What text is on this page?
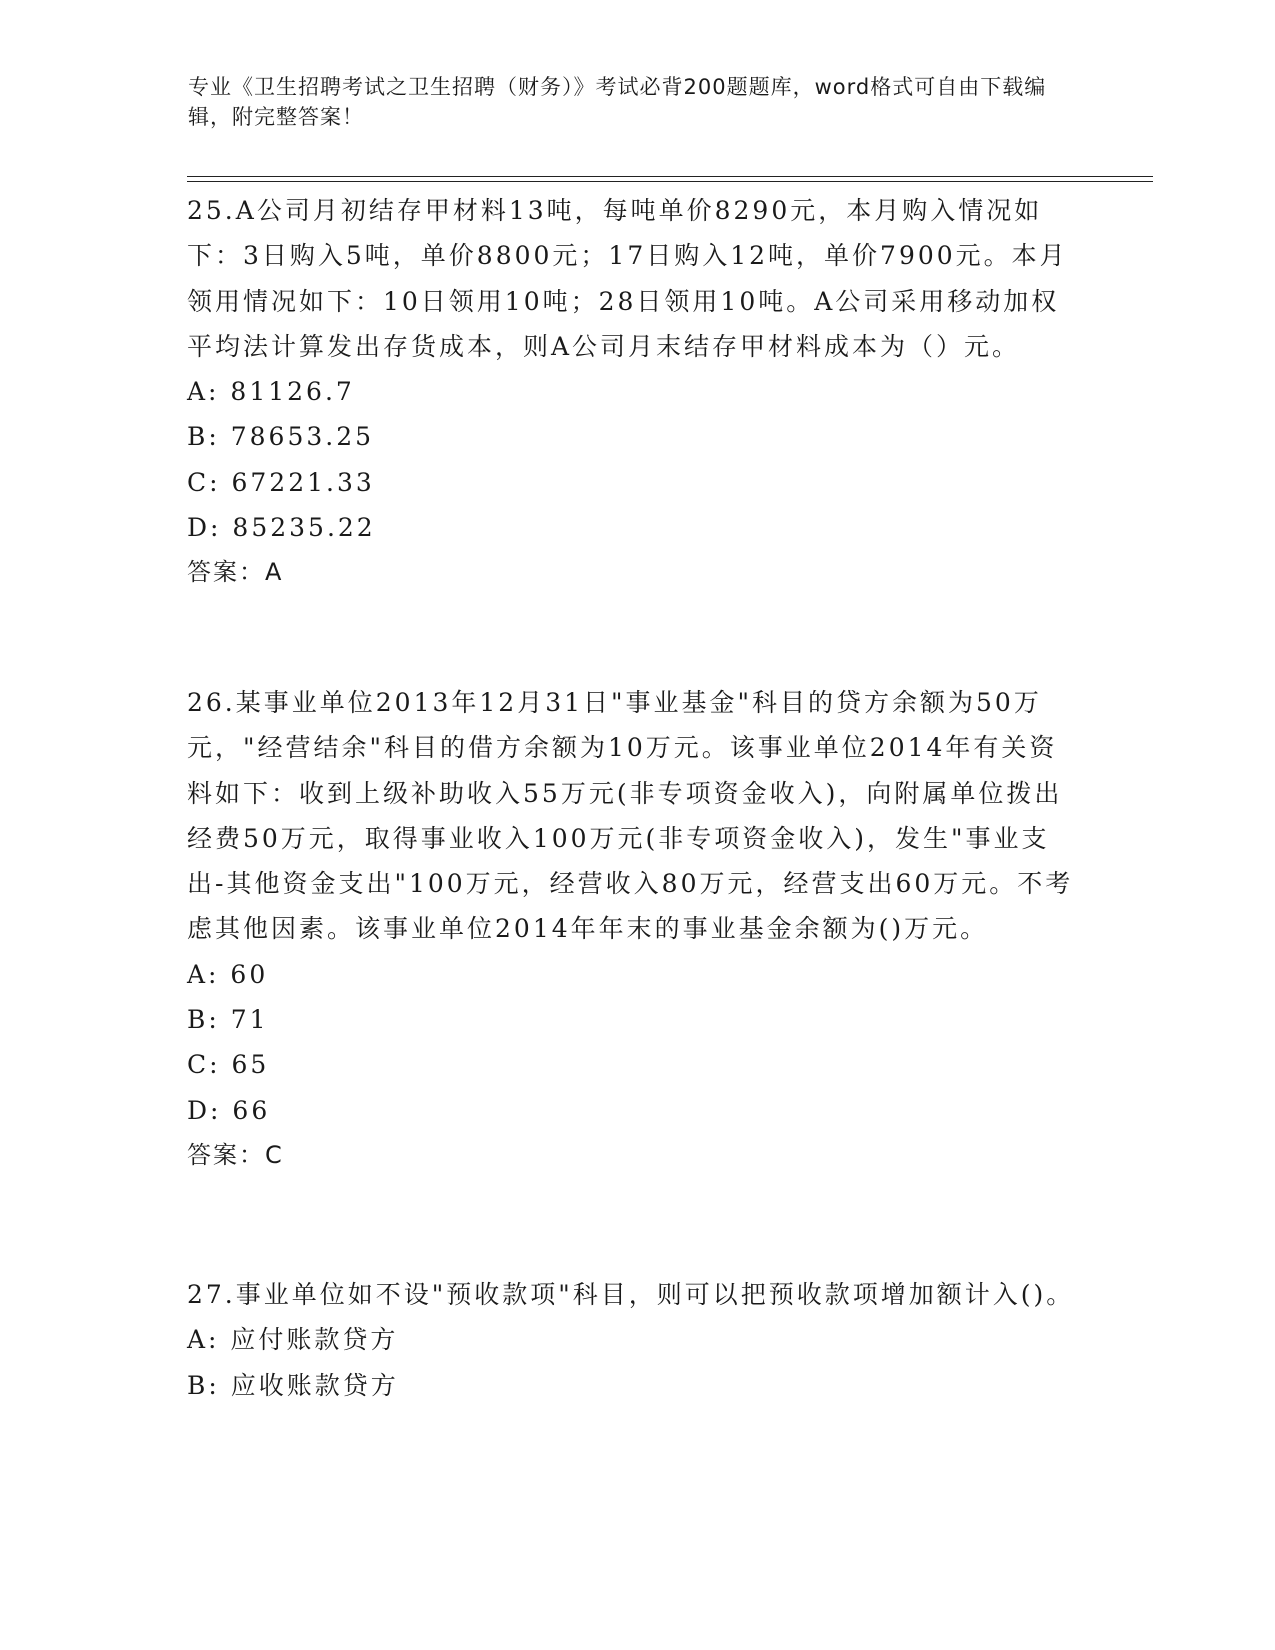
专业《卫生招聘考试之卫生招聘（财务）》考试必背200题题库，word格式可自由下载编辑，附完整答案！

25.A公司月初结存甲材料13吨，每吨单价8290元，本月购入情况如下：3日购入5吨，单价8800元；17日购入12吨，单价7900元。本月领用情况如下：10日领用10吨；28日领用10吨。A公司采用移动加权平均法计算发出存货成本，则A公司月末结存甲材料成本为（）元。

A: 81126.7

B: 78653.25

C: 67221.33

D: 85235.22

答案：A

26.某事业单位2013年12月31日"事业基金"科目的贷方余额为50万元，"经营结余"科目的借方余额为10万元。该事业单位2014年有关资料如下：收到上级补助收入55万元(非专项资金收入)，向附属单位拨出经费50万元，取得事业收入100万元(非专项资金收入)，发生"事业支出-其他资金支出"100万元，经营收入80万元，经营支出60万元。不考虑其他因素。该事业单位2014年年末的事业基金余额为()万元。

A: 60

B: 71

C: 65

D: 66

答案：C

27.事业单位如不设"预收款项"科目，则可以把预收款项增加额计入()。

A: 应付账款贷方

B: 应收账款贷方
